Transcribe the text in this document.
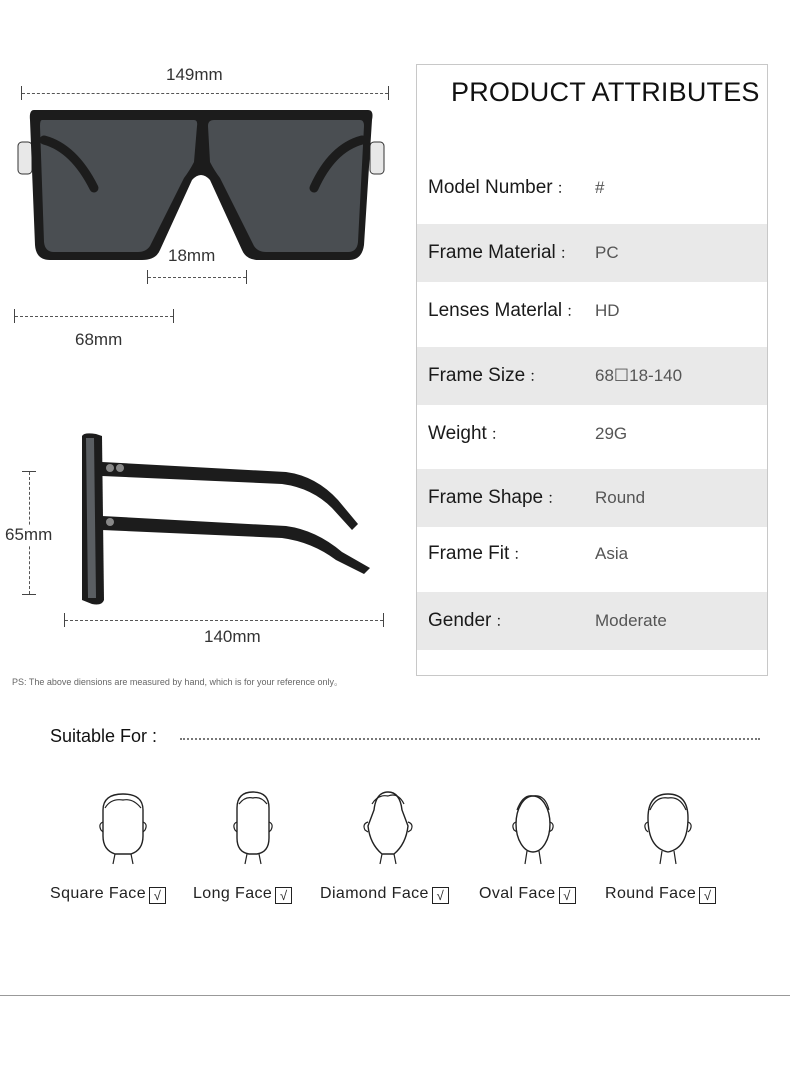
149mm
18mm
68mm
65mm
140mm
PS: The above diensions are measured by hand, which is for your reference only。
PRODUCT ATTRIBUTES
Model Number ： #
Frame Material ： PC
Lenses Materlal ： HD
Frame Size ：	68☐18-140
Weight ：	29G
Frame Shape ： Round
Frame Fit ：	Asia
Gender ：	Moderate
Suitable For :
Square Face √ Long Face √ Diamond Face √ Oval Face √ Round Face √
